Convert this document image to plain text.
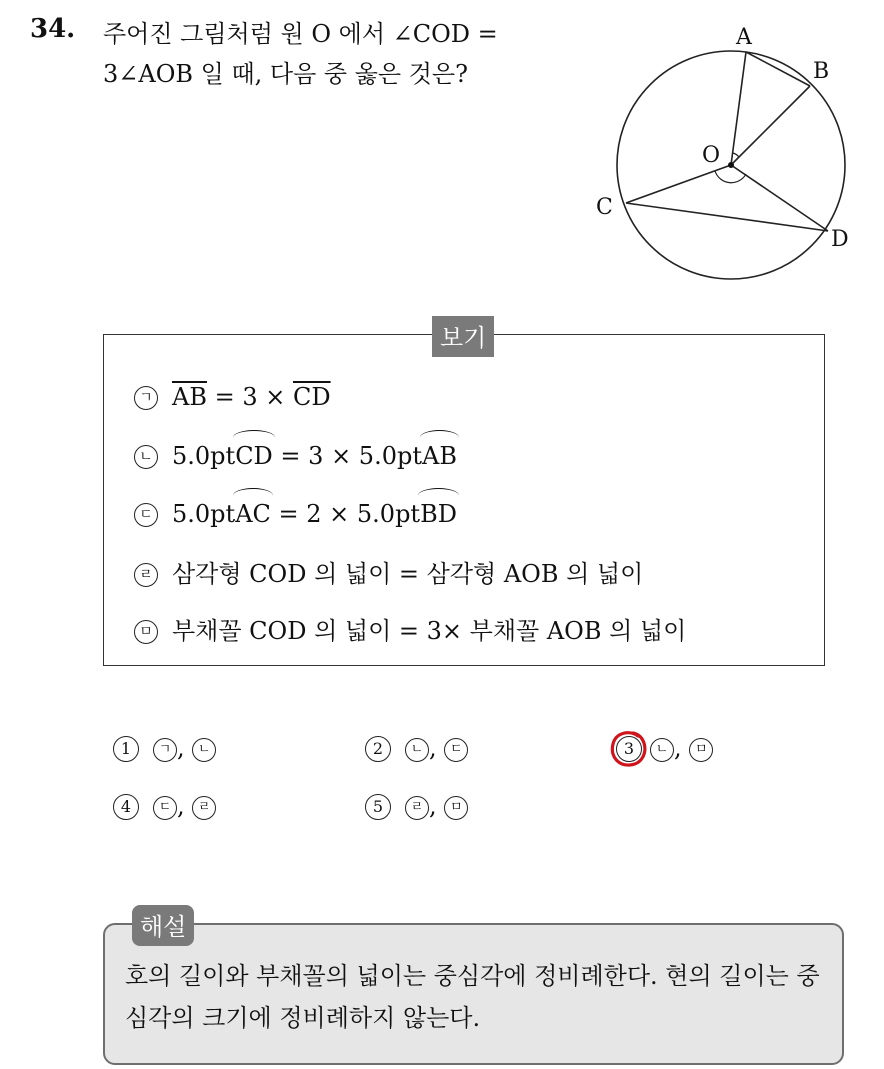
34. 주어진 그림처럼 원 O 에서 ∠COD =
3∠AOB 일 때, 다음 중 옳은 것은?
A
B
O
C
D
보기
ㄱ $\overline{AB} = 3 \times \overline{CD}$
ㄴ 5.0ptCD = 3 × 5.0ptAB
ㄷ 5.0ptAC = 2 × 5.0ptBD
ㄹ 삼각형 COD 의 넓이 = 삼각형 AOB 의 넓이
ㅁ 부채꼴 COD 의 넓이 = 3× 부채꼴 AOB 의 넓이
1 ㄱ , ㄴ	2 ㄴ , ㄷ	3 ㄴ , ㅁ
4 ㄷ , ㄹ	5 ㄹ , ㅁ
해설
호의 길이와 부채꼴의 넓이는 중심각에 정비례한다. 현의 길이는 중심각의 크기에 정비례하지 않는다.
